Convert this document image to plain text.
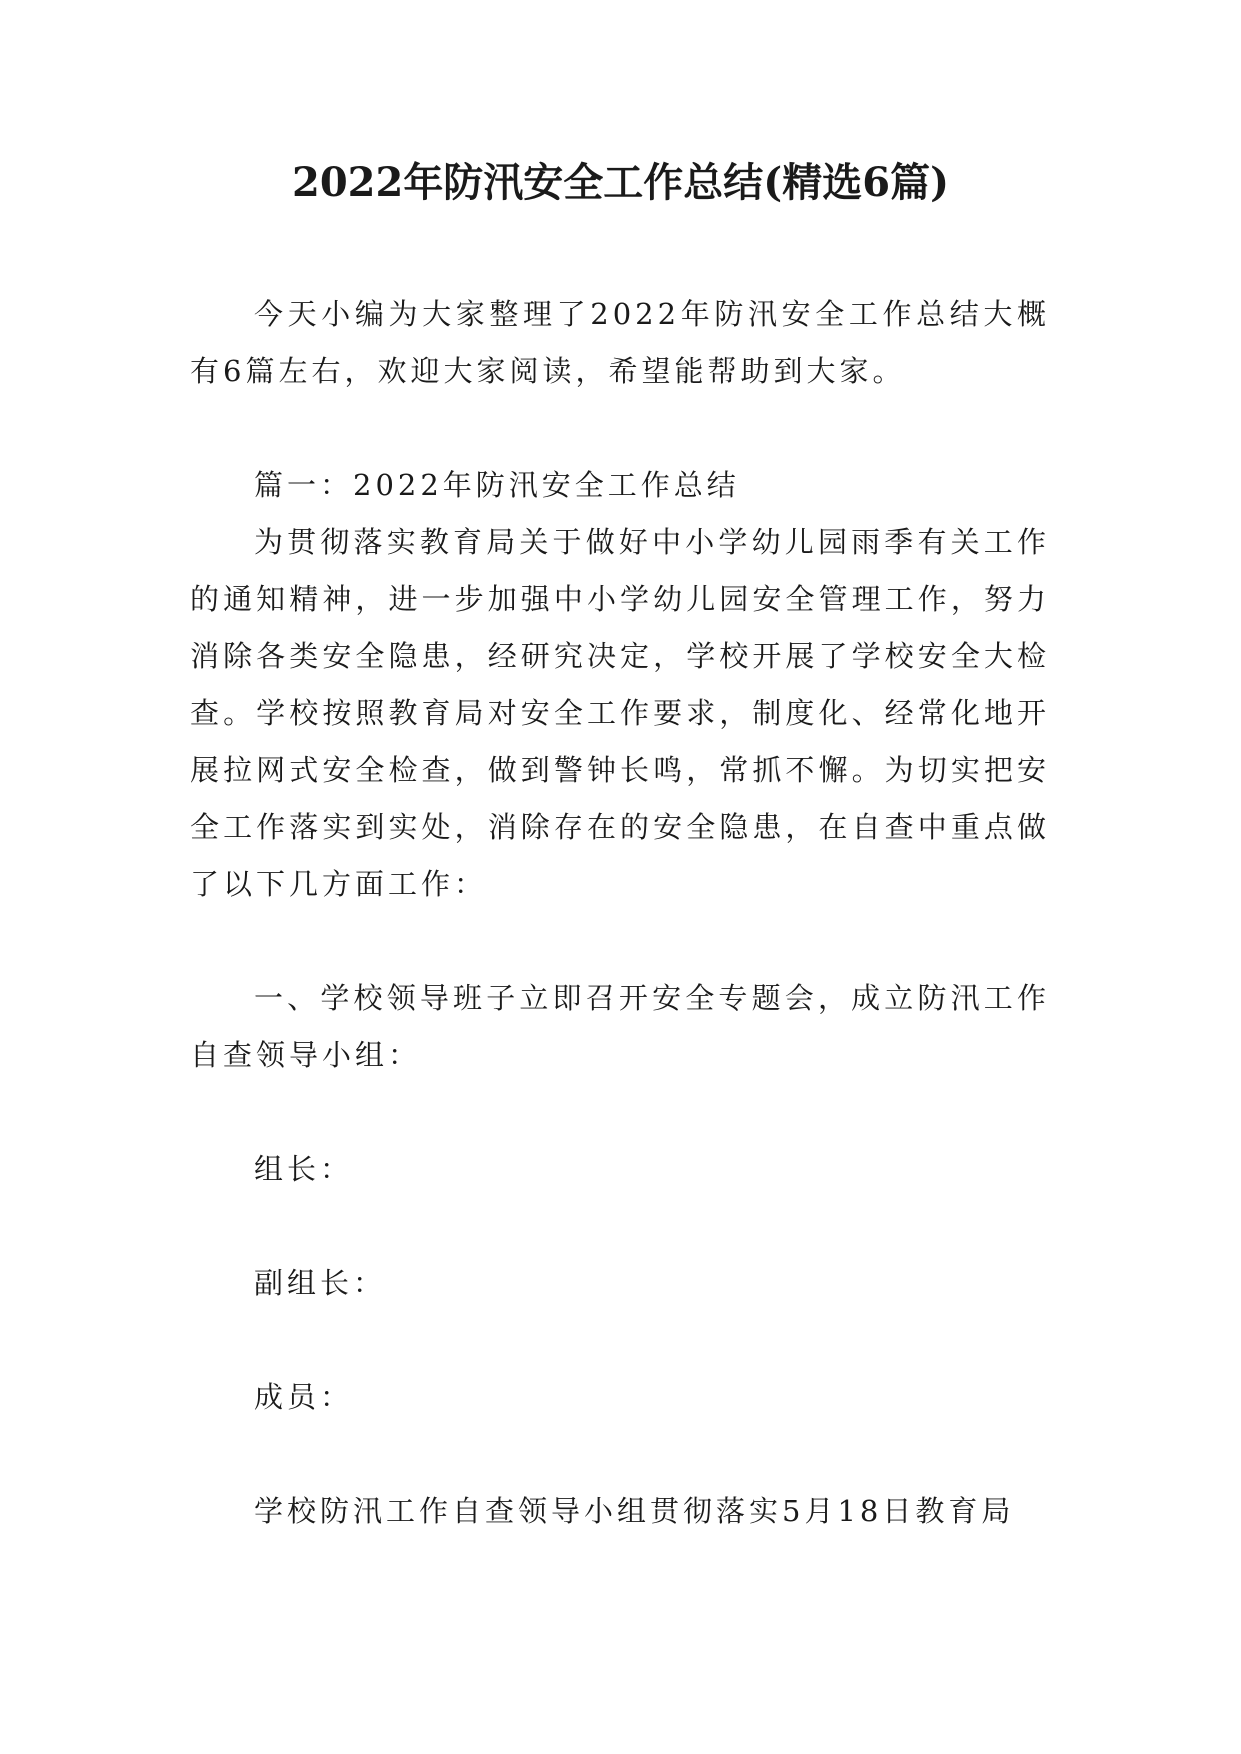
2022年防汛安全工作总结(精选6篇)

今天小编为大家整理了2022年防汛安全工作总结大概有6篇左右，欢迎大家阅读，希望能帮助到大家。

篇一：2022年防汛安全工作总结

为贯彻落实教育局关于做好中小学幼儿园雨季有关工作的通知精神，进一步加强中小学幼儿园安全管理工作，努力消除各类安全隐患，经研究决定，学校开展了学校安全大检查。学校按照教育局对安全工作要求，制度化、经常化地开展拉网式安全检查，做到警钟长鸣，常抓不懈。为切实把安全工作落实到实处，消除存在的安全隐患，在自查中重点做了以下几方面工作：

一、学校领导班子立即召开安全专题会，成立防汛工作自查领导小组：

组长：

副组长：

成员：

学校防汛工作自查领导小组贯彻落实5月18日教育局
